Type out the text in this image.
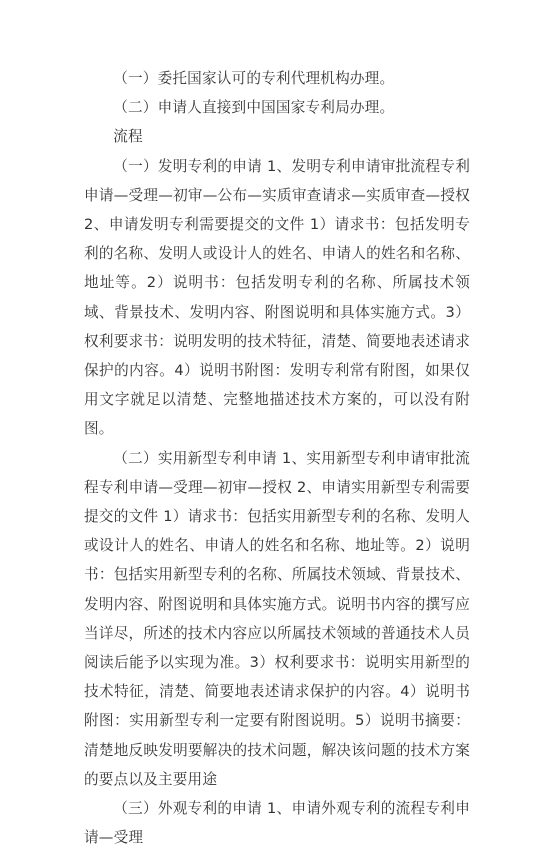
（一）委托国家认可的专利代理机构办理。

（二）申请人直接到中国国家专利局办理。

流程

（一）发明专利的申请 1、发明专利申请审批流程专利申请—受理—初审—公布—实质审查请求—实质审查—授权 2、申请发明专利需要提交的文件 1）请求书：包括发明专利的名称、发明人或设计人的姓名、申请人的姓名和名称、地址等。2）说明书：包括发明专利的名称、所属技术领域、背景技术、发明内容、附图说明和具体实施方式。3）权利要求书：说明发明的技术特征，清楚、简要地表述请求保护的内容。4）说明书附图：发明专利常有附图，如果仅用文字就足以清楚、完整地描述技术方案的，可以没有附图。

（二）实用新型专利申请 1、实用新型专利申请审批流程专利申请—受理—初审—授权 2、申请实用新型专利需要提交的文件 1）请求书：包括实用新型专利的名称、发明人或设计人的姓名、申请人的姓名和名称、地址等。2）说明书：包括实用新型专利的名称、所属技术领域、背景技术、发明内容、附图说明和具体实施方式。说明书内容的撰写应当详尽，所述的技术内容应以所属技术领域的普通技术人员阅读后能予以实现为准。3）权利要求书：说明实用新型的技术特征，清楚、简要地表述请求保护的内容。4）说明书附图：实用新型专利一定要有附图说明。5）说明书摘要：清楚地反映发明要解决的技术问题，解决该问题的技术方案的要点以及主要用途

（三）外观专利的申请 1、申请外观专利的流程专利申请—受理
